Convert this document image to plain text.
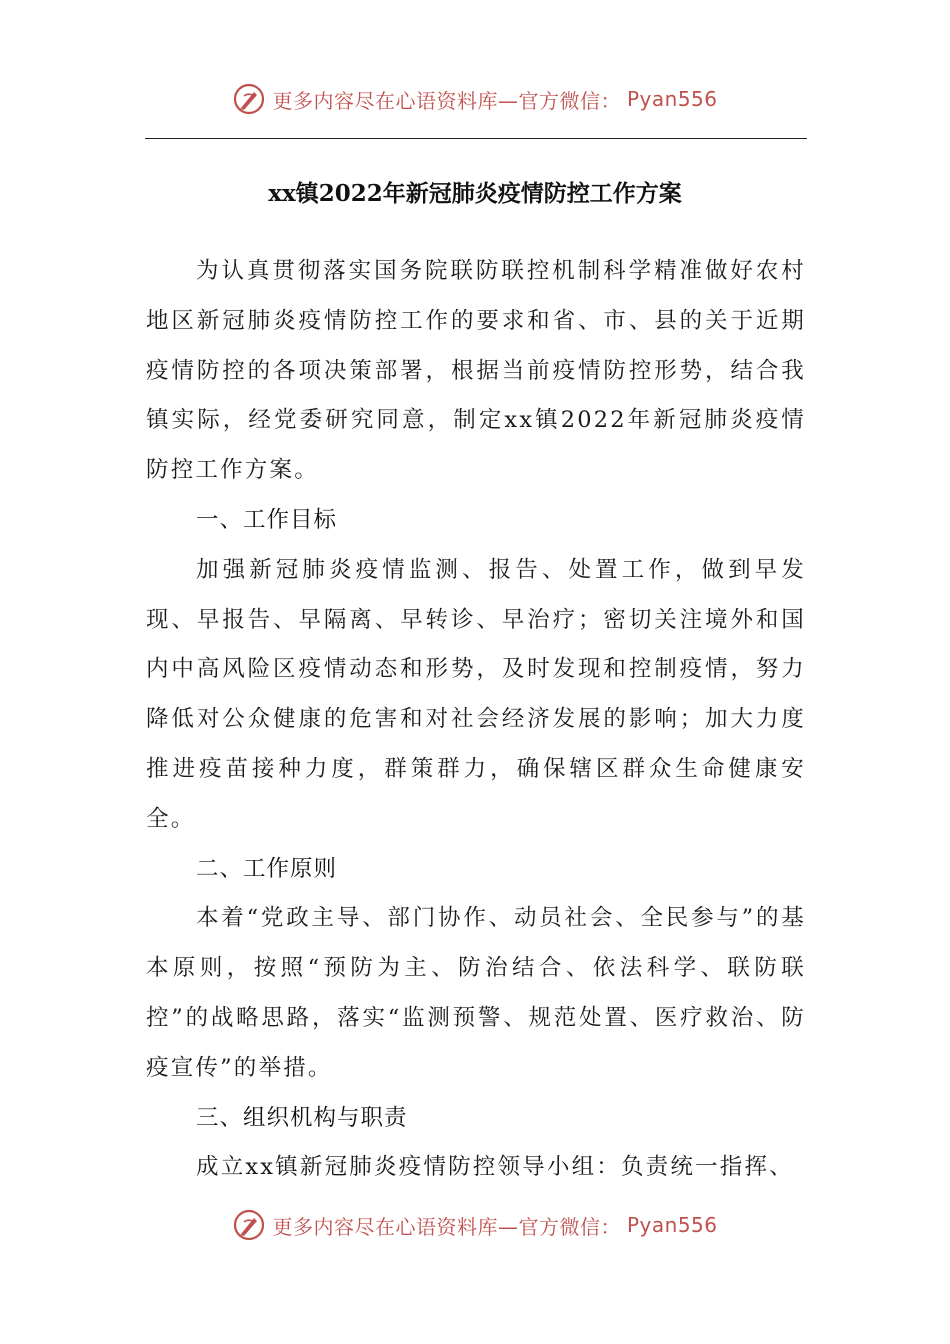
更多内容尽在心语资料库—官方微信： Pyan556
xx镇2022年新冠肺炎疫情防控工作方案

为认真贯彻落实国务院联防联控机制科学精准做好农村地区新冠肺炎疫情防控工作的要求和省、市、县的关于近期疫情防控的各项决策部署，根据当前疫情防控形势，结合我镇实际，经党委研究同意，制定xx镇2022年新冠肺炎疫情防控工作方案。

一、工作目标

加强新冠肺炎疫情监测、报告、处置工作，做到早发现、早报告、早隔离、早转诊、早治疗；密切关注境外和国内中高风险区疫情动态和形势，及时发现和控制疫情，努力降低对公众健康的危害和对社会经济发展的影响；加大力度推进疫苗接种力度，群策群力，确保辖区群众生命健康安全。

二、工作原则

本着“党政主导、部门协作、动员社会、全民参与”的基本原则，按照“预防为主、防治结合、依法科学、联防联控”的战略思路，落实“监测预警、规范处置、医疗救治、防疫宣传”的举措。

三、组织机构与职责

成立xx镇新冠肺炎疫情防控领导小组：负责统一指挥、

更多内容尽在心语资料库—官方微信： Pyan556
